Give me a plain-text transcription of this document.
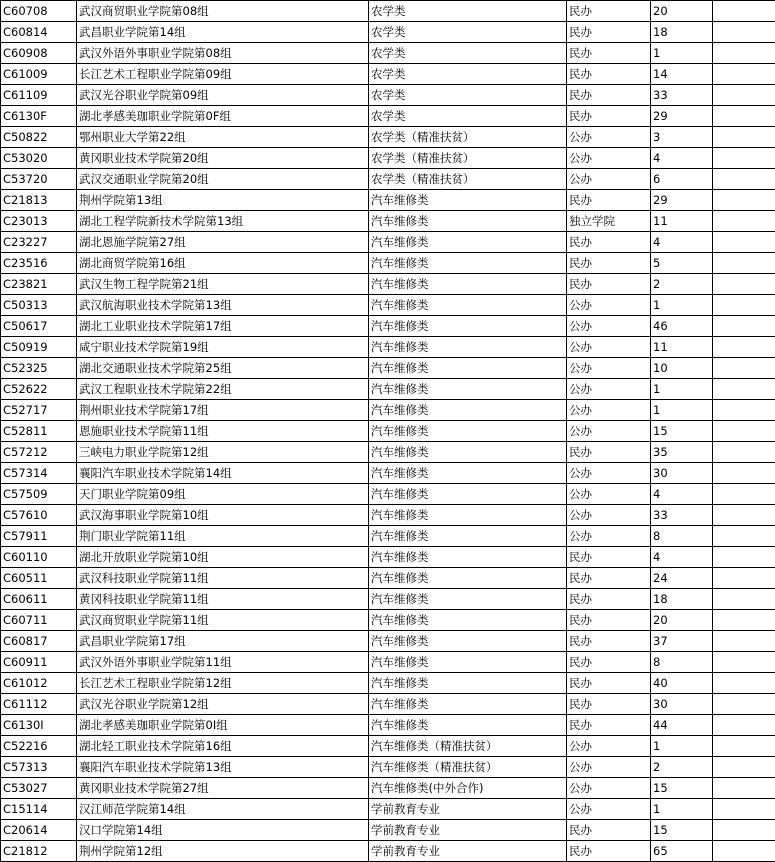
C60708	武汉商贸职业学院第08组	农学类	民办	20	
C60814	武昌职业学院第14组	农学类	民办	18	
C60908	武汉外语外事职业学院第08组	农学类	民办	1	
C61009	长江艺术工程职业学院第09组	农学类	民办	14	
C61109	武汉光谷职业学院第09组	农学类	民办	33	
C6130F	湖北孝感美珈职业学院第0F组	农学类	民办	29	
C50822	鄂州职业大学第22组	农学类（精准扶贫）	公办	3	
C53020	黄冈职业技术学院第20组	农学类（精准扶贫）	公办	4	
C53720	武汉交通职业学院第20组	农学类（精准扶贫）	公办	6	
C21813	荆州学院第13组	汽车维修类	民办	29	
C23013	湖北工程学院新技术学院第13组	汽车维修类	独立学院	11	
C23227	湖北恩施学院第27组	汽车维修类	民办	4	
C23516	湖北商贸学院第16组	汽车维修类	民办	5	
C23821	武汉生物工程学院第21组	汽车维修类	民办	2	
C50313	武汉航海职业技术学院第13组	汽车维修类	公办	1	
C50617	湖北工业职业技术学院第17组	汽车维修类	公办	46	
C50919	咸宁职业技术学院第19组	汽车维修类	公办	11	
C52325	湖北交通职业技术学院第25组	汽车维修类	公办	10	
C52622	武汉工程职业技术学院第22组	汽车维修类	公办	1	
C52717	荆州职业技术学院第17组	汽车维修类	公办	1	
C52811	恩施职业技术学院第11组	汽车维修类	公办	15	
C57212	三峡电力职业学院第12组	汽车维修类	民办	35	
C57314	襄阳汽车职业技术学院第14组	汽车维修类	公办	30	
C57509	天门职业学院第09组	汽车维修类	公办	4	
C57610	武汉海事职业学院第10组	汽车维修类	公办	33	
C57911	荆门职业学院第11组	汽车维修类	公办	8	
C60110	湖北开放职业学院第10组	汽车维修类	民办	4	
C60511	武汉科技职业学院第11组	汽车维修类	民办	24	
C60611	黄冈科技职业学院第11组	汽车维修类	民办	18	
C60711	武汉商贸职业学院第11组	汽车维修类	民办	20	
C60817	武昌职业学院第17组	汽车维修类	民办	37	
C60911	武汉外语外事职业学院第11组	汽车维修类	民办	8	
C61012	长江艺术工程职业学院第12组	汽车维修类	民办	40	
C61112	武汉光谷职业学院第12组	汽车维修类	民办	30	
C6130I	湖北孝感美珈职业学院第0I组	汽车维修类	民办	44	
C52216	湖北轻工职业技术学院第16组	汽车维修类（精准扶贫）	公办	1	
C57313	襄阳汽车职业技术学院第13组	汽车维修类（精准扶贫）	公办	2	
C53027	黄冈职业技术学院第27组	汽车维修类(中外合作)	公办	15	
C15114	汉江师范学院第14组	学前教育专业	公办	1	
C20614	汉口学院第14组	学前教育专业	民办	15	
C21812	荆州学院第12组	学前教育专业	民办	65	
